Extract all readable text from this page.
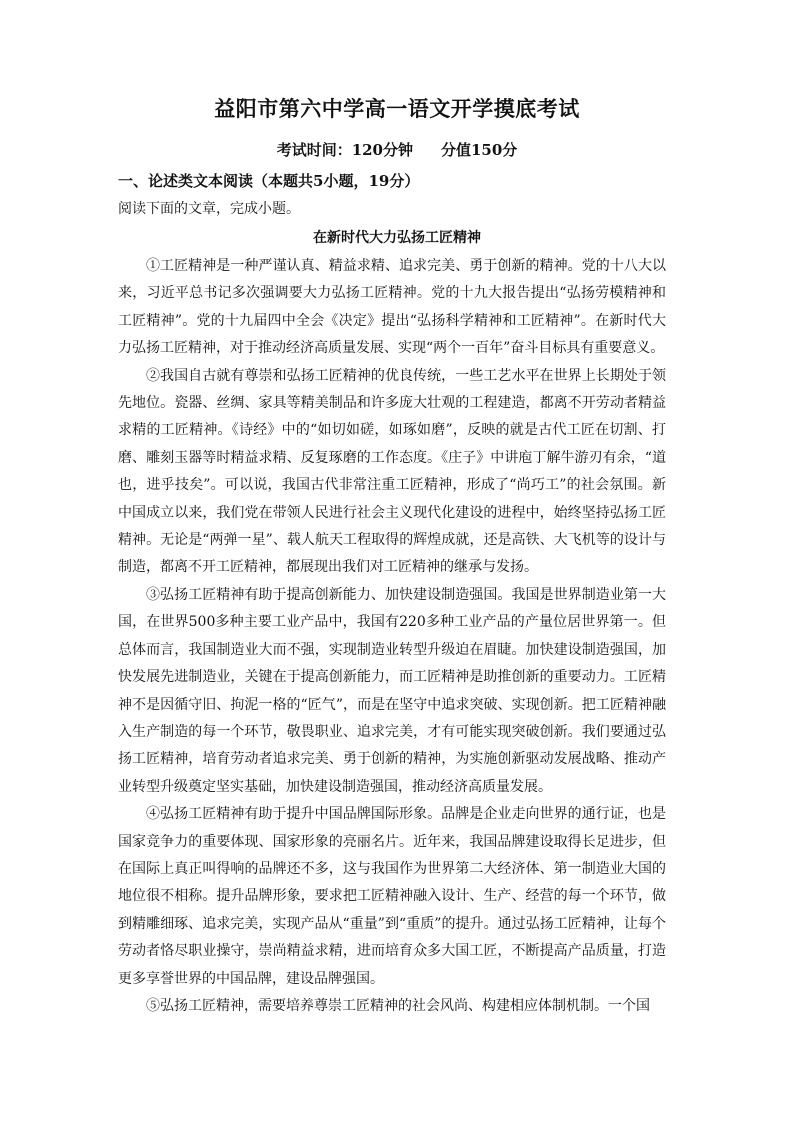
益阳市第六中学高一语文开学摸底考试
考试时间：120分钟 分值150分
一、论述类文本阅读（本题共5小题，19分）
阅读下面的文章，完成小题。
在新时代大力弘扬工匠精神

①工匠精神是一种严谨认真、精益求精、追求完美、勇于创新的精神。党的十八大以来，习近平总书记多次强调要大力弘扬工匠精神。党的十九大报告提出“弘扬劳模精神和工匠精神”。党的十九届四中全会《决定》提出“弘扬科学精神和工匠精神”。在新时代大力弘扬工匠精神，对于推动经济高质量发展、实现“两个一百年”奋斗目标具有重要意义。

②我国自古就有尊崇和弘扬工匠精神的优良传统，一些工艺水平在世界上长期处于领先地位。瓷器、丝绸、家具等精美制品和许多庞大壮观的工程建造，都离不开劳动者精益求精的工匠精神。《诗经》中的“如切如磋，如琢如磨”，反映的就是古代工匠在切割、打磨、雕刻玉器等时精益求精、反复琢磨的工作态度。《庄子》中讲庖丁解牛游刃有余，“道也，进乎技矣”。可以说，我国古代非常注重工匠精神，形成了“尚巧工”的社会氛围。新中国成立以来，我们党在带领人民进行社会主义现代化建设的进程中，始终坚持弘扬工匠精神。无论是“两弹一星”、载人航天工程取得的辉煌成就，还是高铁、大飞机等的设计与制造，都离不开工匠精神，都展现出我们对工匠精神的继承与发扬。

③弘扬工匠精神有助于提高创新能力、加快建设制造强国。我国是世界制造业第一大国，在世界500多种主要工业产品中，我国有220多种工业产品的产量位居世界第一。但总体而言，我国制造业大而不强，实现制造业转型升级迫在眉睫。加快建设制造强国，加快发展先进制造业，关键在于提高创新能力，而工匠精神是助推创新的重要动力。工匠精神不是因循守旧、拘泥一格的“匠气”，而是在坚守中追求突破、实现创新。把工匠精神融入生产制造的每一个环节，敬畏职业、追求完美，才有可能实现突破创新。我们要通过弘扬工匠精神，培育劳动者追求完美、勇于创新的精神，为实施创新驱动发展战略、推动产业转型升级奠定坚实基础，加快建设制造强国，推动经济高质量发展。

④弘扬工匠精神有助于提升中国品牌国际形象。品牌是企业走向世界的通行证，也是国家竞争力的重要体现、国家形象的亮丽名片。近年来，我国品牌建设取得长足进步，但在国际上真正叫得响的品牌还不多，这与我国作为世界第二大经济体、第一制造业大国的地位很不相称。提升品牌形象，要求把工匠精神融入设计、生产、经营的每一个环节，做到精雕细琢、追求完美，实现产品从“重量”到“重质”的提升。通过弘扬工匠精神，让每个劳动者恪尽职业操守，崇尚精益求精，进而培育众多大国工匠，不断提高产品质量，打造更多享誉世界的中国品牌，建设品牌强国。

⑤弘扬工匠精神，需要培养尊崇工匠精神的社会风尚、构建相应体制机制。一个国
